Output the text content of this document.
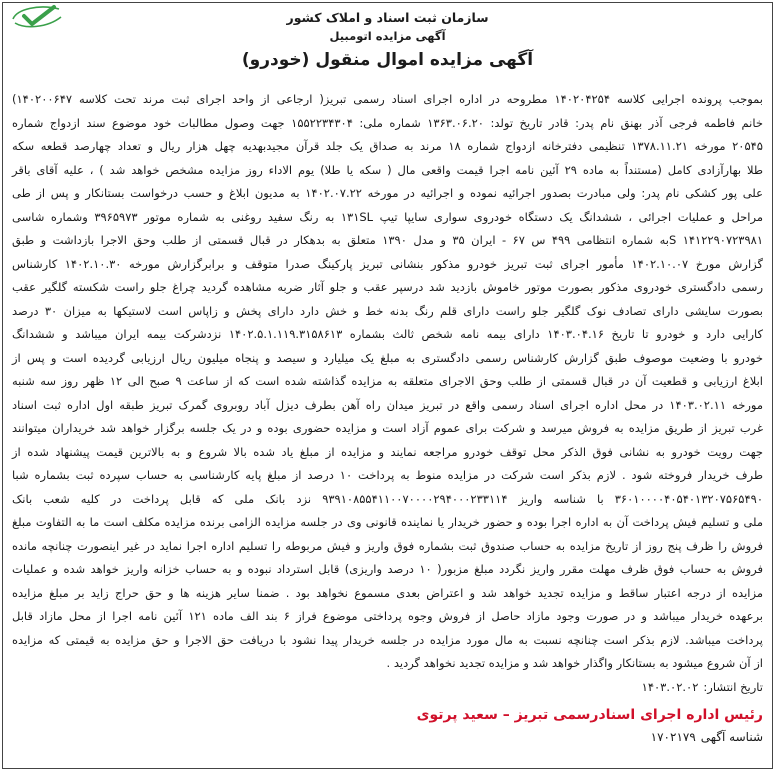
سازمان ثبت اسناد و املاک کشور
آگهی مزایده اتومبیل
آگهی مزایده اموال منقول (خودرو)
بموجب پرونده اجرایی کلاسه ۱۴۰۲۰۴۲۵۴ مطروحه در اداره اجرای اسناد رسمی تبریز( ارجاعی از واحد اجرای ثبت مرند تحت کلاسه ۱۴۰۲۰۰۶۴۷)
خانم فاطمه فرجی آذر بهنق نام پدر: قادر تاریخ تولد: ۱۳۶۳.۰۶.۲۰ شماره ملی: ۱۵۵۲۲۳۴۳۰۴ جهت وصول مطالبات خود موضوع سند ازدواج شماره
۲۰۵۴۵ مورخه ۱۳۷۸.۱۱.۲۱ تنظیمی دفترخانه ازدواج شماره ۱۸ مرند به صداق یک جلد قرآن مجیدبهدیه چهل هزار ریال و تعداد چهارصد قطعه سکه
طلا بهارآزادی کامل (مستنداً به ماده ۲۹ آئین نامه اجرا قیمت واقعی مال ( سکه یا طلا) یوم الاداء روز مزایده مشخص خواهد شد ) ، علیه آقای باقر
علی پور کشکی نام پدر: ولی مبادرت بصدور اجرائیه نموده و اجرائیه در مورخه ۱۴۰۲.۰۷.۲۲ به مدیون ابلاغ و حسب درخواست بستانکار و پس از طی
مراحل و عملیات اجرائی ، ششدانگ یک دستگاه خودروی سواری سایپا تیپ ۱۳۱SL به رنگ سفید روغنی به شماره موتور ۳۹۶۵۹۷۳ وشماره شاسی
۱۴۱۲۲۹۰۷۲۳۹۸۱ Sبه شماره انتظامی ۴۹۹ س ۶۷ - ایران ۳۵ و مدل ۱۳۹۰ متعلق به بدهکار در قبال قسمتی از طلب وحق الاجرا بازداشت و طبق
گزارش مورخ ۱۴۰۲.۱۰.۰۷ مأمور اجرای ثبت تبریز خودرو مذکور بنشانی تبریز پارکینگ صدرا متوقف و برابرگزارش مورخه ۱۴۰۲.۱۰.۳۰ کارشناس
رسمی دادگستری خودروی مذکور بصورت موتور خاموش بازدید شد درسپر عقب و جلو آثار ضربه مشاهده گردید چراغ جلو راست شکسته گلگیر عقب
بصورت سایشی دارای تصادف نوک گلگیر جلو راست دارای قلم رنگ بدنه خط و خش دارد دارای پخش و زاپاس است لاستیکها به میزان ۳۰ درصد
کارایی دارد و خودرو تا تاریخ ۱۴۰۳.۰۴.۱۶ دارای بیمه نامه شخص ثالث بشماره ۱۴۰۲.۵.۱.۱۱۹.۳۱۵۸۶۱۳ نزدشرکت بیمه ایران میباشد و ششدانگ
خودرو با وضعیت موصوف طبق گزارش کارشناس رسمی دادگستری به مبلغ یک میلیارد و سیصد و پنجاه میلیون ریال ارزیابی گردیده است و پس از
ابلاغ ارزیابی و قطعیت آن در قبال قسمتی از طلب وحق الاجرای متعلقه به مزایده گذاشته شده است که از ساعت ۹ صبح الی ۱۲ ظهر روز سه شنبه
مورخه ۱۴۰۳.۰۲.۱۱ در محل اداره اجرای اسناد رسمی واقع در تبریز میدان راه آهن بطرف دیزل آباد روبروی گمرک تبریز طبقه اول اداره ثبت اسناد
غرب تبریز از طریق مزایده به فروش میرسد و شرکت برای عموم آزاد است و مزایده حضوری بوده و در یک جلسه برگزار خواهد شد خریداران میتوانند
جهت رویت خودرو به نشانی فوق الذکر محل توقف خودرو مراجعه نمایند و مزایده از مبلغ یاد شده بالا شروع و به بالاترین قیمت پیشنهاد شده از
طرف خریدار فروخته شود . لازم بذکر است شرکت در مزایده منوط به پرداخت ۱۰ درصد از مبلغ پایه کارشناسی به حساب سپرده ثبت بشماره شبا
۳۶۰۱۰۰۰۰۴۰۵۴۰۱۳۲۰۷۵۶۵۴۹۰ با شناسه واریز ۹۳۹۱۰۸۵۵۴۱۱۰۰۷۰۰۰۰۲۹۴۰۰۰۲۳۳۱۱۴ نزد بانک ملی که قابل پرداخت در کلیه شعب بانک
ملی و تسلیم فیش پرداخت آن به اداره اجرا بوده و حضور خریدار یا نماینده قانونی وی در جلسه مزایده الزامی برنده مزایده مکلف است ما به التفاوت مبلغ
فروش را ظرف پنج روز از تاریخ مزایده به حساب صندوق ثبت بشماره فوق واریز و فیش مربوطه را تسلیم اداره اجرا نماید در غیر اینصورت چنانچه مانده
فروش به حساب فوق ظرف مهلت مقرر واریز نگردد مبلغ مزبور( ۱۰ درصد واریزی) قابل استرداد نبوده و به حساب خزانه واریز خواهد شده و عملیات
مزایده از درجه اعتبار ساقط و مزایده تجدید خواهد شد و اعتراض بعدی مسموع نخواهد بود . ضمنا سایر هزینه ها و حق حراج زاید بر مبلغ مزایده
برعهده خریدار میباشد و در صورت وجود مازاد حاصل از فروش وجوه پرداختی موضوع فراز ۶ بند الف ماده ۱۲۱ آئین نامه اجرا از محل مازاد قابل
پرداخت میباشد. لازم بذکر است چنانچه نسبت به مال مورد مزایده در جلسه خریدار پیدا نشود با دریافت حق الاجرا و حق مزایده به قیمتی که مزایده
از آن شروع میشود به بستانکار واگذار خواهد شد و مزایده تجدید نخواهد گردید .
تاریخ انتشار:۱۴۰۳.۰۲.۰۲
رئیس اداره اجرای اسنادرسمی تبریز – سعید پرتوی
شناسه آگهی۱۷۰۲۱۷۹
